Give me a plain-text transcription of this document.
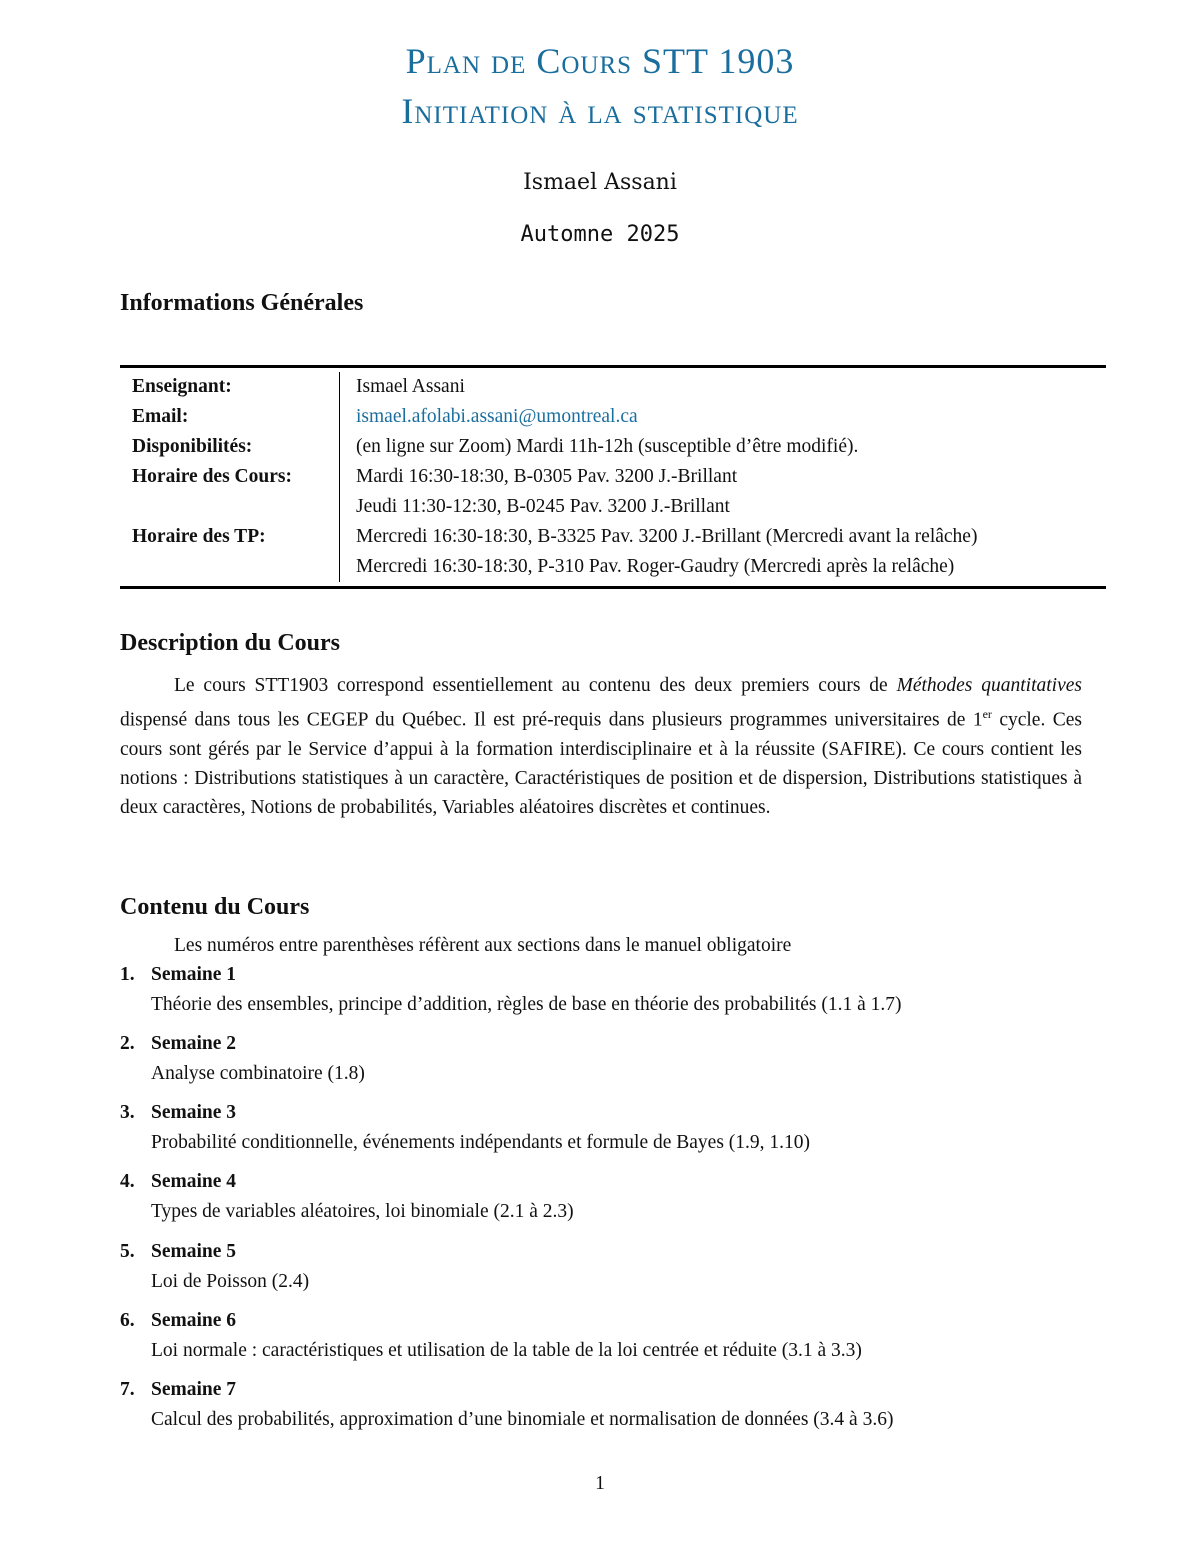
Plan de Cours STT 1903
Initiation à la statistique
Ismael Assani
Automne 2025
Informations Générales
Enseignant:	Ismael Assani
Email:	ismael.afolabi.assani@umontreal.ca
Disponibilités:	(en ligne sur Zoom) Mardi 11h-12h (susceptible d’être modifié).
Horaire des Cours:	Mardi 16:30-18:30, B-0305 Pav. 3200 J.-Brillant
	Jeudi 11:30-12:30, B-0245 Pav. 3200 J.-Brillant
Horaire des TP:	Mercredi 16:30-18:30, B-3325 Pav. 3200 J.-Brillant (Mercredi avant la relâche)
	Mercredi 16:30-18:30, P-310 Pav. Roger-Gaudry (Mercredi après la relâche)
Description du Cours

Le cours STT1903 correspond essentiellement au contenu des deux premiers cours de Méthodes quantitatives dispensé dans tous les CEGEP du Québec. Il est pré-requis dans plusieurs programmes universitaires de 1er cycle. Ces cours sont gérés par le Service d’appui à la formation interdisciplinaire et à la réussite (SAFIRE). Ce cours contient les notions : Distributions statistiques à un caractère, Caractéristiques de position et de dispersion, Distributions statistiques à deux caractères, Notions de probabilités, Variables aléatoires discrètes et continues.

Contenu du Cours
Les numéros entre parenthèses réfèrent aux sections dans le manuel obligatoire
1. Semaine 1
Théorie des ensembles, principe d’addition, règles de base en théorie des probabilités (1.1 à 1.7)
2. Semaine 2
Analyse combinatoire (1.8)
3. Semaine 3
Probabilité conditionnelle, événements indépendants et formule de Bayes (1.9, 1.10)
4. Semaine 4
Types de variables aléatoires, loi binomiale (2.1 à 2.3)
5. Semaine 5
Loi de Poisson (2.4)
6. Semaine 6
Loi normale : caractéristiques et utilisation de la table de la loi centrée et réduite (3.1 à 3.3)
7. Semaine 7
Calcul des probabilités, approximation d’une binomiale et normalisation de données (3.4 à 3.6)
1
